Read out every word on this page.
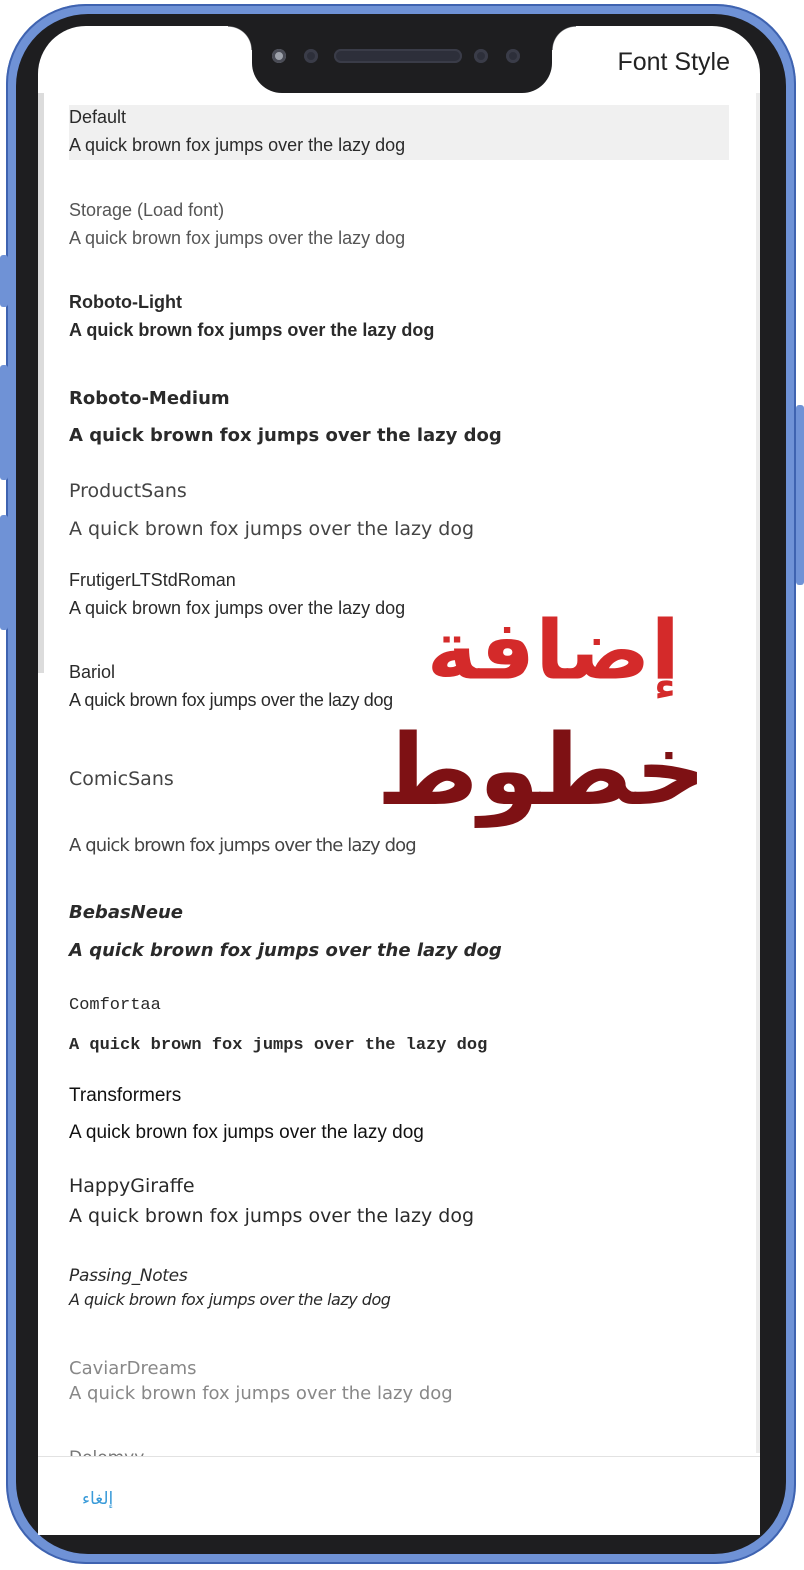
Default
A quick brown fox jumps over the lazy dog
Storage (Load font)
A quick brown fox jumps over the lazy dog
Roboto-Light
A quick brown fox jumps over the lazy dog
Roboto-Medium
A quick brown fox jumps over the lazy dog
ProductSans
A quick brown fox jumps over the lazy dog
FrutigerLTStdRoman
A quick brown fox jumps over the lazy dog
Bariol
A quick brown fox jumps over the lazy dog
ComicSans
A quick brown fox jumps over the lazy dog
BebasNeue
A quick brown fox jumps over the lazy dog
Comfortaa
A quick brown fox jumps over the lazy dog
Transformers
A quick brown fox jumps over the lazy dog
HappyGiraffe
A quick brown fox jumps over the lazy dog
Passing_Notes
A quick brown fox jumps over the lazy dog
CaviarDreams
A quick brown fox jumps over the lazy dog
إضافة
خطوط
Font Style
إلغاء
